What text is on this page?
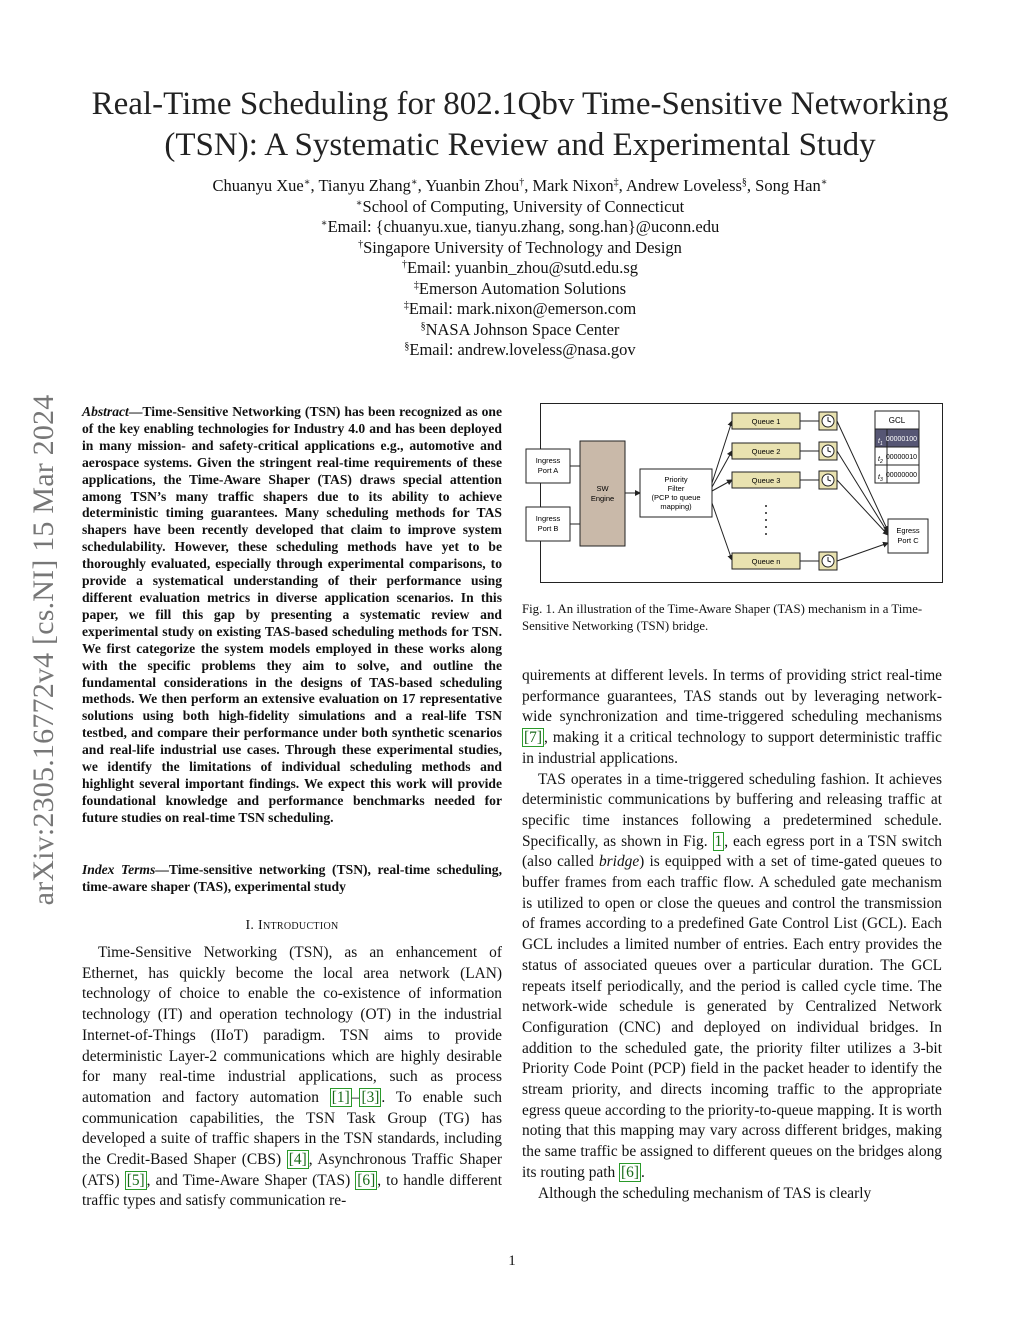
arXiv:2305.16772v4 [cs.NI] 15 Mar 2024
Real-Time Scheduling for 802.1Qbv Time-Sensitive Networking
(TSN): A Systematic Review and Experimental Study
Chuanyu Xue∗, Tianyu Zhang∗, Yuanbin Zhou†, Mark Nixon‡, Andrew Loveless§, Song Han∗
∗School of Computing, University of Connecticut
∗Email: {chuanyu.xue, tianyu.zhang, song.han}@uconn.edu
†Singapore University of Technology and Design
†Email: yuanbin_zhou@sutd.edu.sg
‡Emerson Automation Solutions
‡Email: mark.nixon@emerson.com
§NASA Johnson Space Center
§Email: andrew.loveless@nasa.gov
Abstract—Time-Sensitive Networking (TSN) has been recognized as one of the key enabling technologies for Industry 4.0 and has been deployed in many mission- and safety-critical applications e.g., automotive and aerospace systems. Given the stringent real-time requirements of these applications, the Time-Aware Shaper (TAS) draws special attention among TSN’s many traffic shapers due to its ability to achieve deterministic timing guarantees. Many scheduling methods for TAS shapers have been recently developed that claim to improve system schedulability. However, these scheduling methods have yet to be thoroughly evaluated, especially through experimental comparisons, to provide a systematical understanding of their performance using different evaluation metrics in diverse application scenarios. In this paper, we fill this gap by presenting a systematic review and experimental study on existing TAS-based scheduling methods for TSN. We first categorize the system models employed in these works along with the specific problems they aim to solve, and outline the fundamental considerations in the designs of TAS-based scheduling methods. We then perform an extensive evaluation on 17 representative solutions using both high-fidelity simulations and a real-life TSN testbed, and compare their performance under both synthetic scenarios and real-life industrial use cases. Through these experimental studies, we identify the limitations of individual scheduling methods and highlight several important findings. We expect this work will provide foundational knowledge and performance benchmarks needed for future studies on real-time TSN scheduling.
Index Terms—Time-sensitive networking (TSN), real-time scheduling, time-aware shaper (TAS), experimental study
I. Introduction

Time-Sensitive Networking (TSN), as an enhancement of Ethernet, has quickly become the local area network (LAN) technology of choice to enable the co-existence of information technology (IT) and operation technology (OT) in the industrial Internet-of-Things (IIoT) paradigm. TSN aims to provide deterministic Layer-2 communications which are highly desirable for many real-time industrial applications, such as process automation and factory automation [1] – [3] . To enable such communication capabilities, the TSN Task Group (TG) has developed a suite of traffic shapers in the TSN standards, including the Credit-Based Shaper (CBS) [4] , Asynchronous Traffic Shaper (ATS) [5] , and Time-Aware Shaper (TAS) [6] , to handle different traffic types and satisfy communication re-

Ingress
Port A
Ingress
Port B
SW
Engine
Priority
Filter
(PCP to queue
mapping)
Queue 1
Queue 2
Queue 3
Queue n
GCL
$t_1$
$t_2$
$t_3$
00000100
00000010
00000000
Egress
Port C
Fig. 1. An illustration of the Time-Aware Shaper (TAS) mechanism in a Time-Sensitive Networking (TSN) bridge.

quirements at different levels. In terms of providing strict real-time performance guarantees, TAS stands out by leveraging network-wide synchronization and time-triggered scheduling mechanisms [7] , making it a critical technology to support deterministic traffic in industrial applications.

TAS operates in a time-triggered scheduling fashion. It achieves deterministic communications by buffering and releasing traffic at specific time instances following a predetermined schedule. Specifically, as shown in Fig. 1 , each egress port in a TSN switch (also called bridge) is equipped with a set of time-gated queues to buffer frames from each traffic flow. A scheduled gate mechanism is utilized to open or close the queues and control the transmission of frames according to a predefined Gate Control List (GCL). Each GCL includes a limited number of entries. Each entry provides the status of associated queues over a particular duration. The GCL repeats itself periodically, and the period is called cycle time. The network-wide schedule is generated by Centralized Network Configuration (CNC) and deployed on individual bridges. In addition to the scheduled gate, the priority filter utilizes a 3-bit Priority Code Point (PCP) field in the packet header to identify the stream priority, and directs incoming traffic to the appropriate egress queue according to the priority-to-queue mapping. It is worth noting that this mapping may vary across different bridges, making the same traffic be assigned to different queues on the bridges along its routing path [6] .

Although the scheduling mechanism of TAS is clearly

1
